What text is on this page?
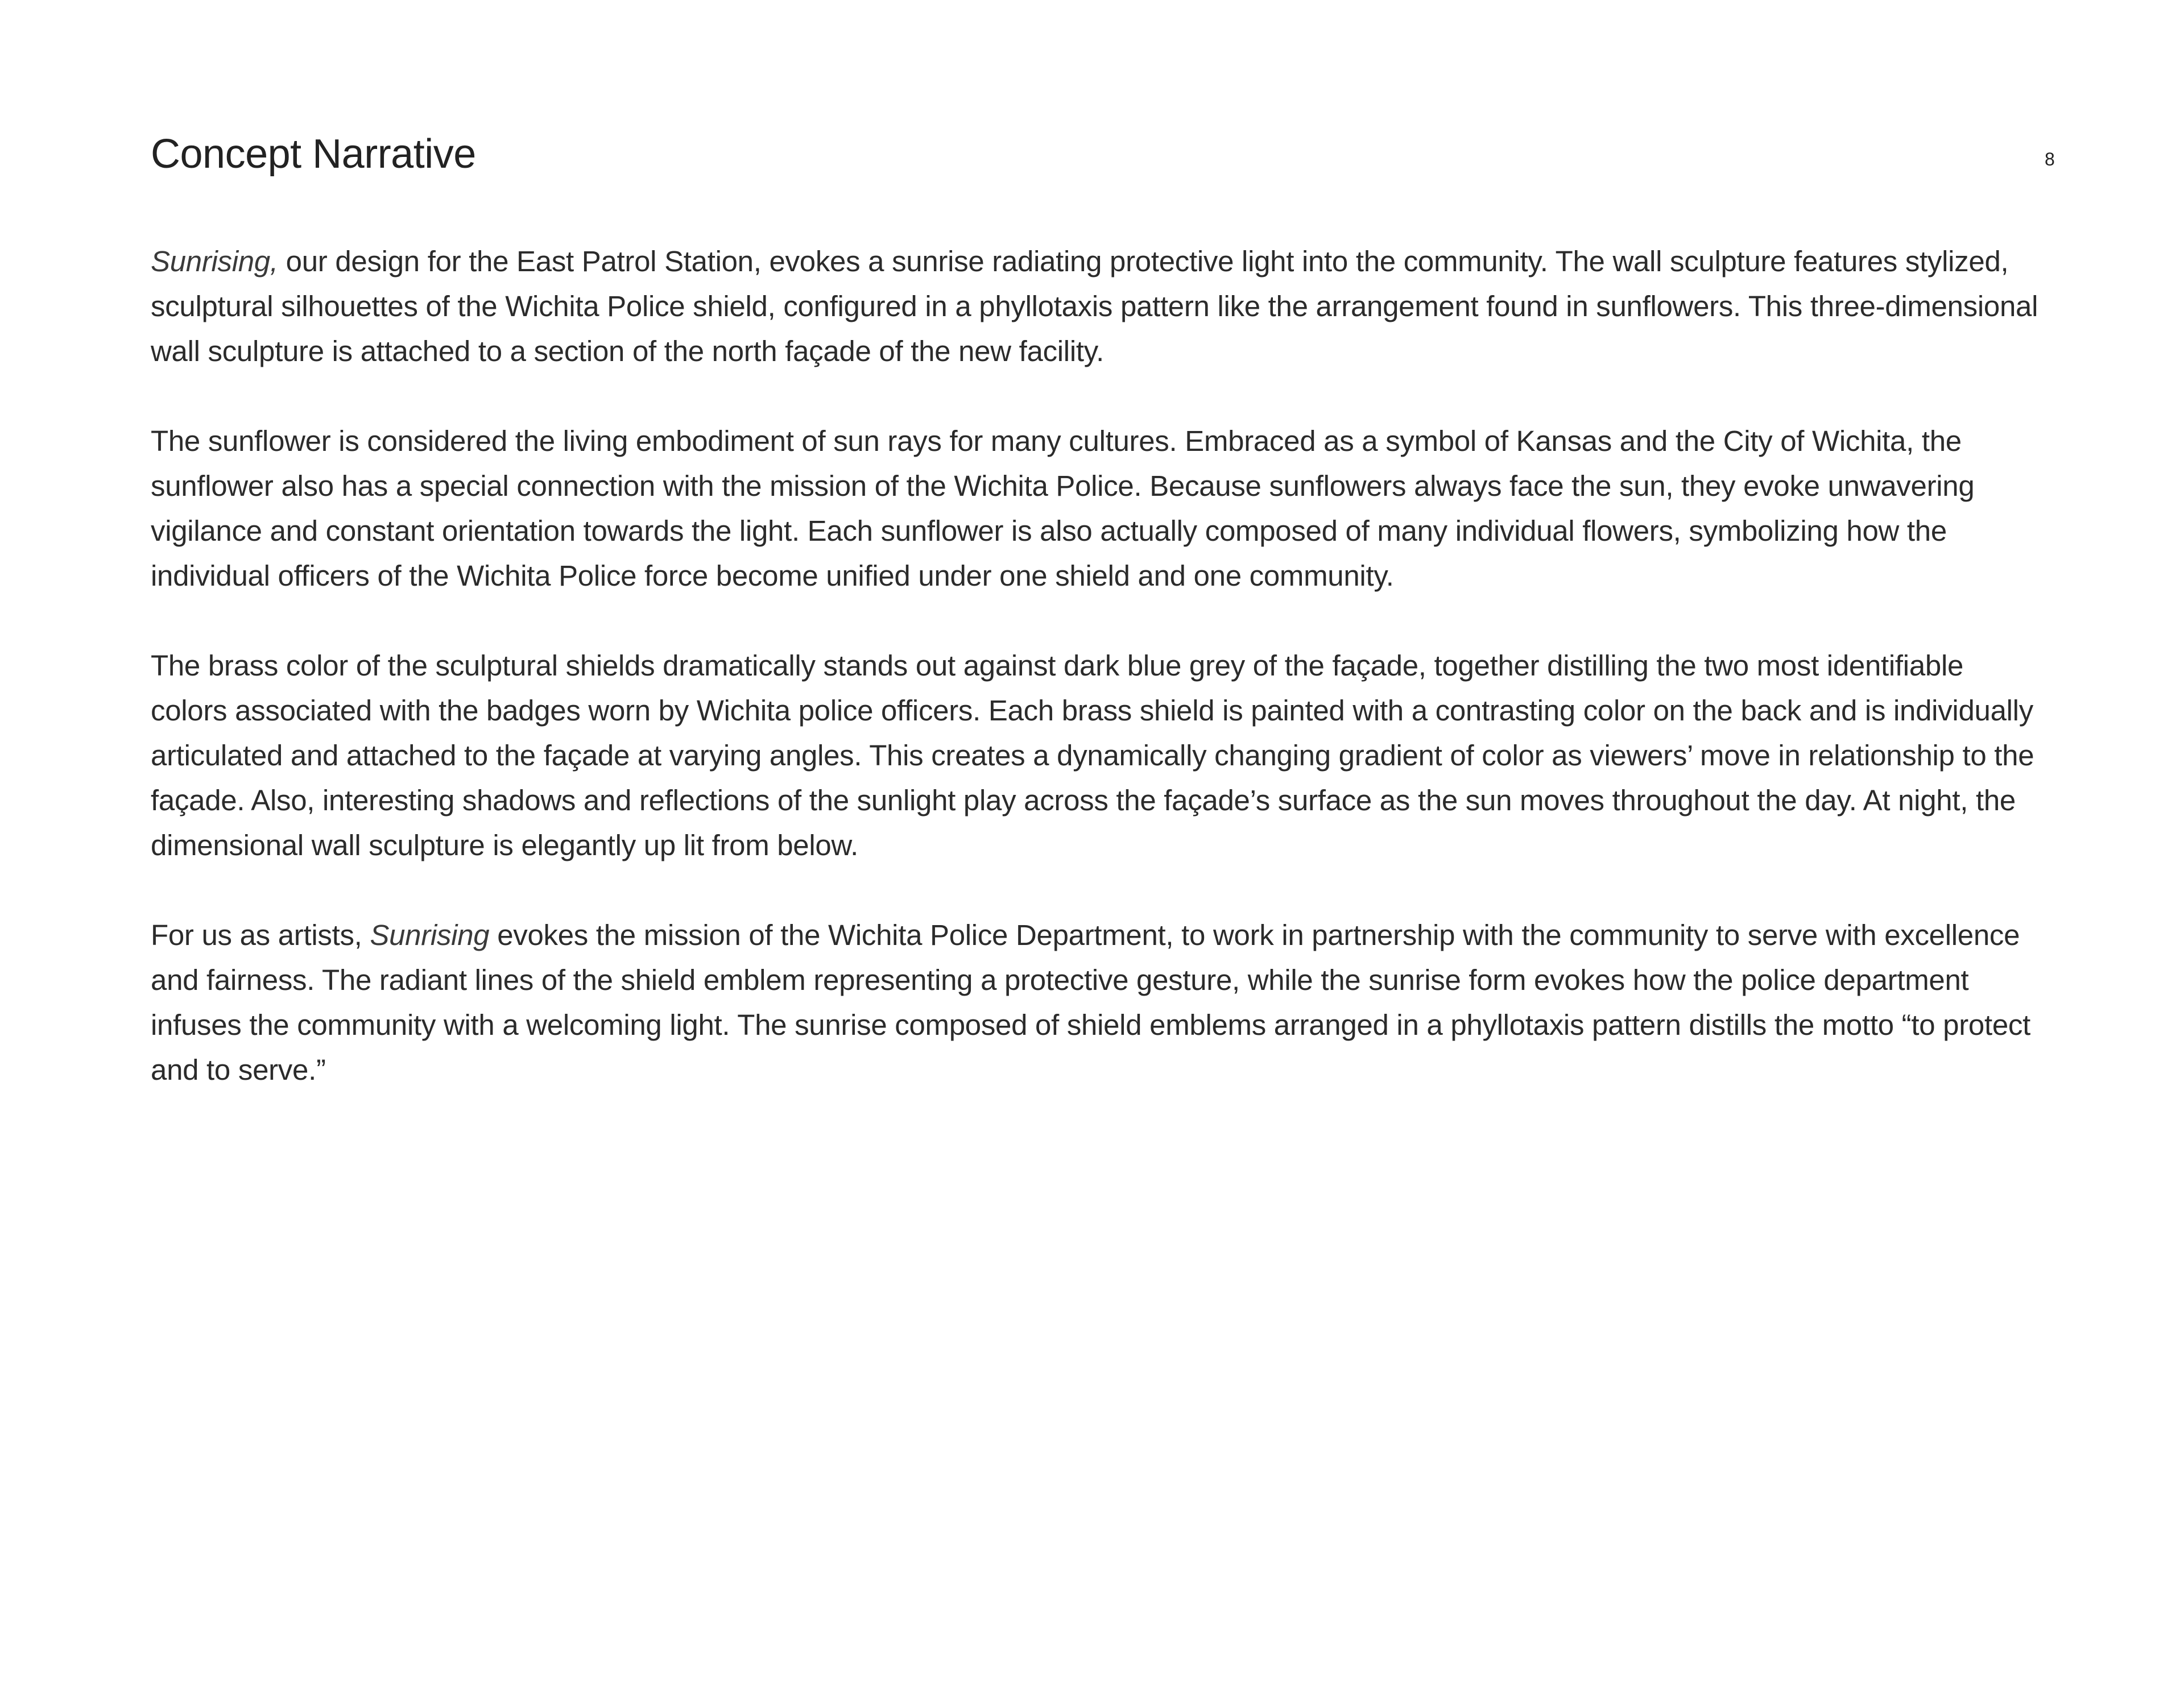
Concept Narrative	8

Sunrising, our design for the East Patrol Station, evokes a sunrise radiating protective light into the community. The wall sculpture features stylized, sculptural silhouettes of the Wichita Police shield, configured in a phyllotaxis pattern like the arrangement found in sunflowers. This three-dimensional wall sculpture is attached to a section of the north façade of the new facility.

The sunflower is considered the living embodiment of sun rays for many cultures. Embraced as a symbol of Kansas and the City of Wichita, the sunflower also has a special connection with the mission of the Wichita Police. Because sunflowers always face the sun, they evoke unwavering vigilance and constant orientation towards the light. Each sunflower is also actually composed of many individual flowers, symbolizing how the individual officers of the Wichita Police force become unified under one shield and one community.

The brass color of the sculptural shields dramatically stands out against dark blue grey of the façade, together distilling the two most identifiable colors associated with the badges worn by Wichita police officers. Each brass shield is painted with a contrasting color on the back and is individually articulated and attached to the façade at varying angles. This creates a dynamically changing gradient of color as viewers’ move in relationship to the façade. Also, interesting shadows and reflections of the sunlight play across the façade’s surface as the sun moves throughout the day. At night, the dimensional wall sculpture is elegantly up lit from below.

For us as artists, Sunrising evokes the mission of the Wichita Police Department, to work in partnership with the community to serve with excellence and fairness. The radiant lines of the shield emblem representing a protective gesture, while the sunrise form evokes how the police department infuses the community with a welcoming light. The sunrise composed of shield emblems arranged in a phyllotaxis pattern distills the motto “to protect and to serve.”
